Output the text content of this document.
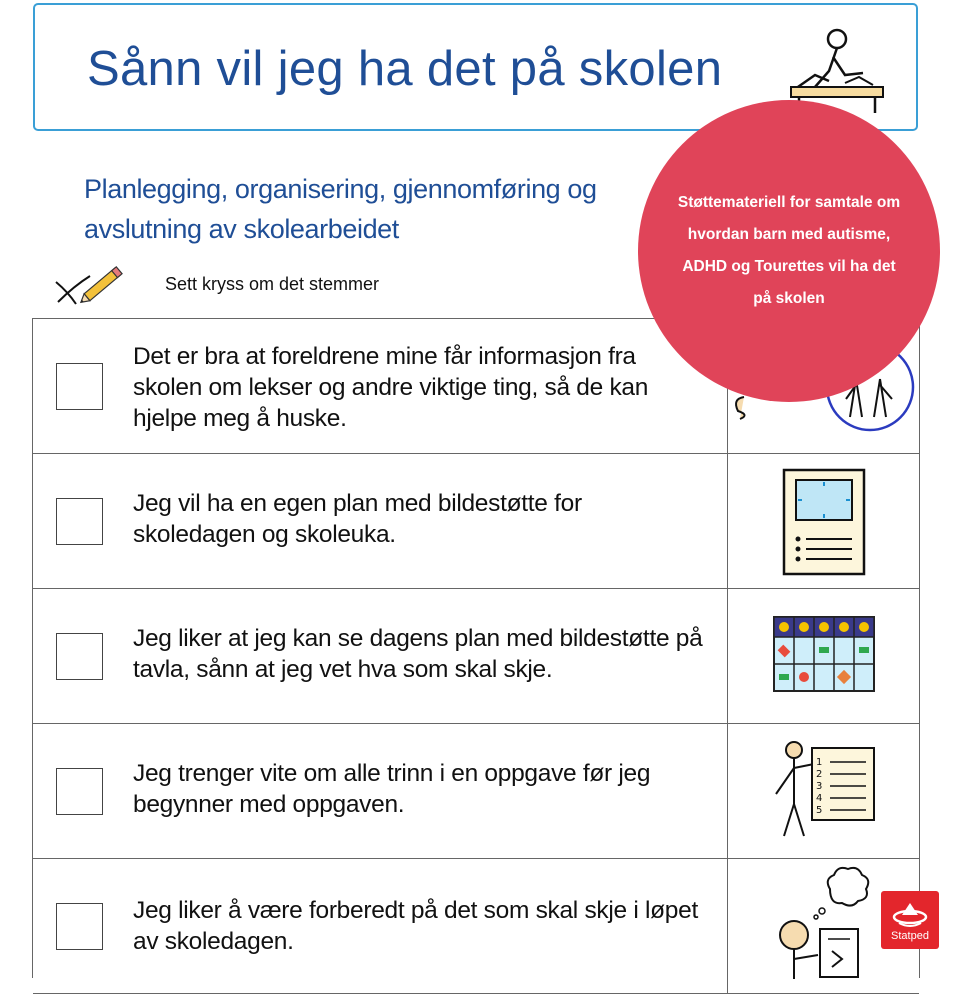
Sånn vil jeg ha det på skolen
Planlegging, organisering, gjennomføring og avslutning av skolearbeidet
Sett kryss om det stemmer
Det er bra at foreldrene mine får informasjon fra skolen om lekser og andre viktige ting, så de kan hjelpe meg å huske.
Jeg vil ha en egen plan med bildestøtte for skoledagen og skoleuka.
Jeg liker at jeg kan se dagens plan med bildestøtte på tavla, sånn at jeg vet hva som skal skje.
Jeg trenger vite om alle trinn i en oppgave før jeg begynner med oppgaven.
1
2
3
4
5
Jeg liker å være forberedt på det som skal skje i løpet av skoledagen.
Støttemateriell for samtale om hvordan barn med autisme, ADHD og Tourettes vil ha det på skolen
Statped
